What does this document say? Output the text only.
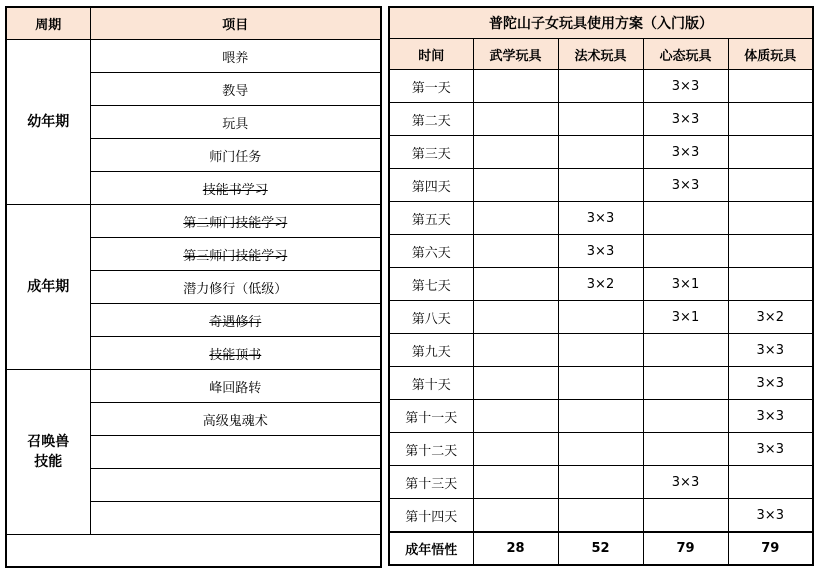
周期	项目
幼年期	喂养
	教导
	玩具
	师门任务
	技能书学习
成年期	第二师门技能学习
	第三师门技能学习
	潜力修行（低级）
	奇遇修行
	技能顶书
召唤兽
技能	峰回路转
	高级鬼魂术

普陀山子女玩具使用方案（入门版）				
时间	武学玩具	法术玩具	心态玩具	体质玩具
第一天			3×3	
第二天			3×3	
第三天			3×3	
第四天			3×3	
第五天		3×3		
第六天		3×3		
第七天		3×2	3×1	
第八天			3×1	3×2
第九天				3×3
第十天				3×3
第十一天				3×3
第十二天				3×3
第十三天			3×3	
第十四天				3×3
成年悟性	28	52	79	79
